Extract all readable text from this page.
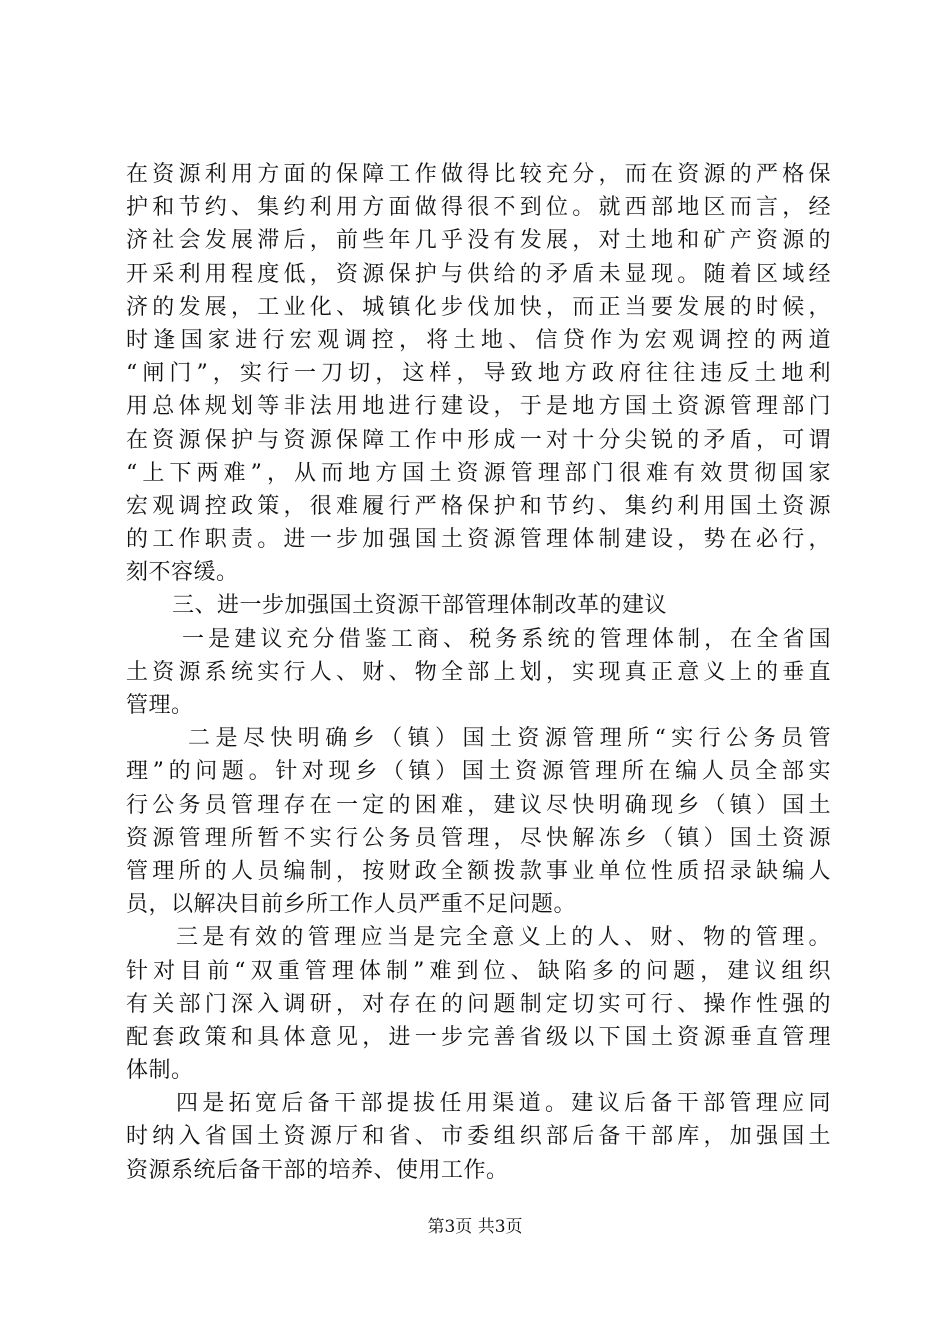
在资源利用方面的保障工作做得比较充分，而在资源的严格保
护和节约、集约利用方面做得很不到位。就西部地区而言，经
济社会发展滞后，前些年几乎没有发展，对土地和矿产资源的
开采利用程度低，资源保护与供给的矛盾未显现。随着区域经
济的发展，工业化、城镇化步伐加快，而正当要发展的时候，
时逢国家进行宏观调控，将土地、信贷作为宏观调控的两道
“闸门”，实行一刀切，这样，导致地方政府往往违反土地利
用总体规划等非法用地进行建设，于是地方国土资源管理部门
在资源保护与资源保障工作中形成一对十分尖锐的矛盾，可谓
“上下两难”，从而地方国土资源管理部门很难有效贯彻国家
宏观调控政策，很难履行严格保护和节约、集约利用国土资源
的工作职责。进一步加强国土资源管理体制建设，势在必行，
刻不容缓。
三、进一步加强国土资源干部管理体制改革的建议
一是建议充分借鉴工商、税务系统的管理体制，在全省国
土资源系统实行人、财、物全部上划，实现真正意义上的垂直
管理。
二是尽快明确乡（镇）国土资源管理所“实行公务员管
理”的问题。针对现乡（镇）国土资源管理所在编人员全部实
行公务员管理存在一定的困难，建议尽快明确现乡（镇）国土
资源管理所暂不实行公务员管理，尽快解冻乡（镇）国土资源
管理所的人员编制，按财政全额拨款事业单位性质招录缺编人
员，以解决目前乡所工作人员严重不足问题。
三是有效的管理应当是完全意义上的人、财、物的管理。
针对目前“双重管理体制”难到位、缺陷多的问题，建议组织
有关部门深入调研，对存在的问题制定切实可行、操作性强的
配套政策和具体意见，进一步完善省级以下国土资源垂直管理
体制。
四是拓宽后备干部提拔任用渠道。建议后备干部管理应同
时纳入省国土资源厅和省、市委组织部后备干部库，加强国土
资源系统后备干部的培养、使用工作。
第3页 共3页
